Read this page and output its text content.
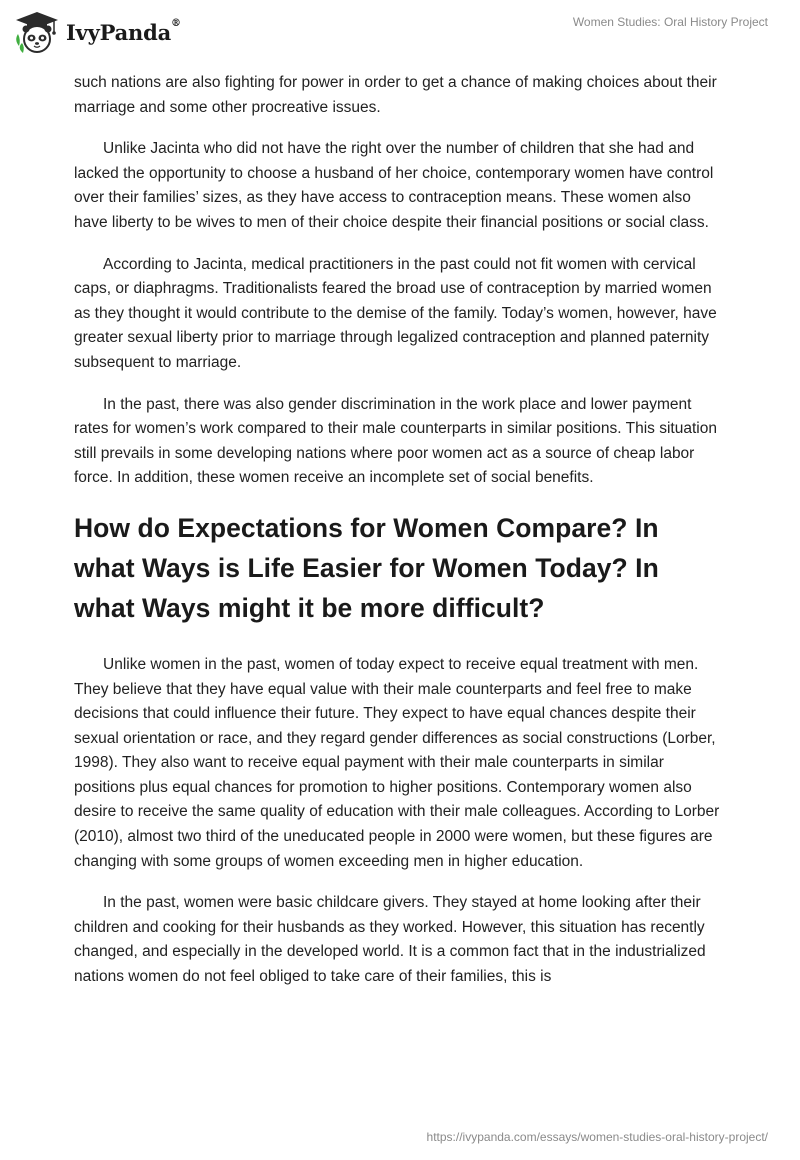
IvyPanda®	Women Studies: Oral History Project

such nations are also fighting for power in order to get a chance of making choices about their marriage and some other procreative issues.

Unlike Jacinta who did not have the right over the number of children that she had and lacked the opportunity to choose a husband of her choice, contemporary women have control over their families’ sizes, as they have access to contraception means. These women also have liberty to be wives to men of their choice despite their financial positions or social class.

According to Jacinta, medical practitioners in the past could not fit women with cervical caps, or diaphragms. Traditionalists feared the broad use of contraception by married women as they thought it would contribute to the demise of the family. Today’s women, however, have greater sexual liberty prior to marriage through legalized contraception and planned paternity subsequent to marriage.

In the past, there was also gender discrimination in the work place and lower payment rates for women’s work compared to their male counterparts in similar positions. This situation still prevails in some developing nations where poor women act as a source of cheap labor force. In addition, these women receive an incomplete set of social benefits.

How do Expectations for Women Compare? In what Ways is Life Easier for Women Today? In what Ways might it be more difficult?

Unlike women in the past, women of today expect to receive equal treatment with men. They believe that they have equal value with their male counterparts and feel free to make decisions that could influence their future. They expect to have equal chances despite their sexual orientation or race, and they regard gender differences as social constructions (Lorber, 1998). They also want to receive equal payment with their male counterparts in similar positions plus equal chances for promotion to higher positions. Contemporary women also desire to receive the same quality of education with their male colleagues. According to Lorber (2010), almost two third of the uneducated people in 2000 were women, but these figures are changing with some groups of women exceeding men in higher education.

In the past, women were basic childcare givers. They stayed at home looking after their children and cooking for their husbands as they worked. However, this situation has recently changed, and especially in the developed world. It is a common fact that in the industrialized nations women do not feel obliged to take care of their families, this is

https://ivypanda.com/essays/women-studies-oral-history-project/
